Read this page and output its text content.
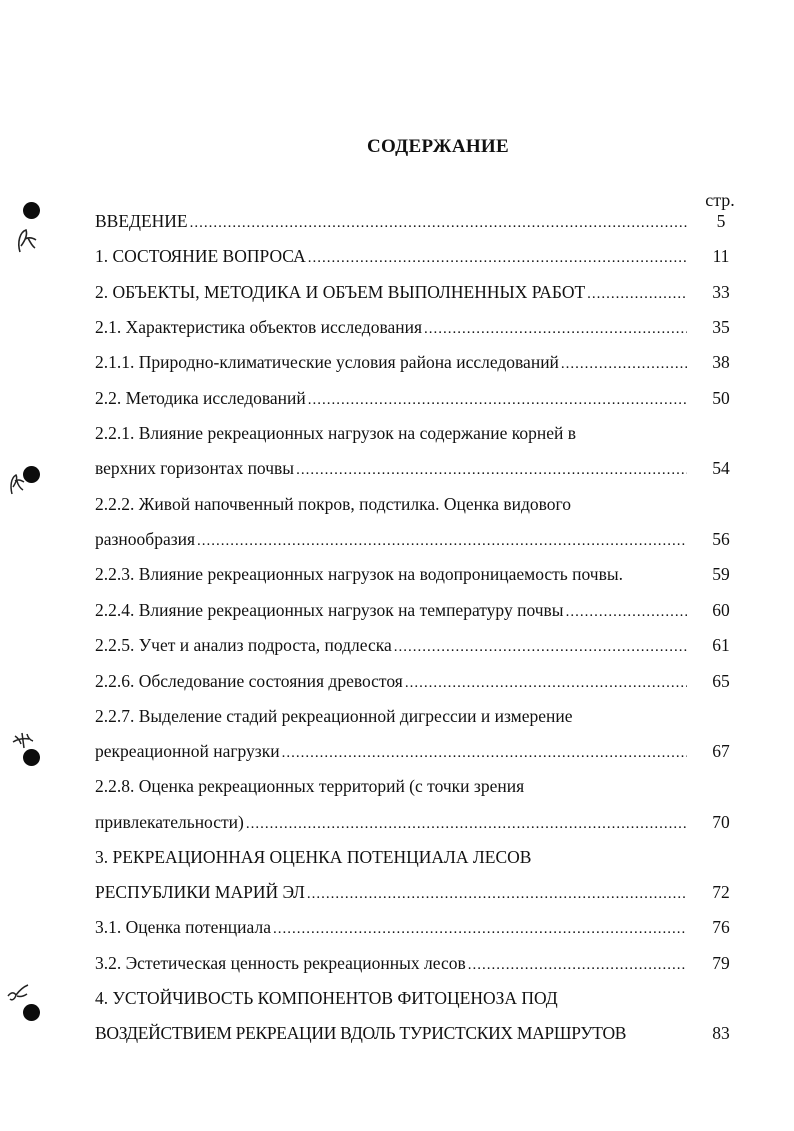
СОДЕРЖАНИЕ
стр.
ВВЕДЕНИЕ .....	5
1. СОСТОЯНИЕ ВОПРОСА .....	11
2. ОБЪЕКТЫ, МЕТОДИКА И ОБЪЕМ ВЫПОЛНЕННЫХ РАБОТ .....	33
2.1. Характеристика объектов исследования .....	35
2.1.1. Природно-климатические условия района исследований .....	38
2.2. Методика исследований .....	50
2.2.1. Влияние рекреационных нагрузок на содержание корней в
верхних горизонтах почвы .....	54
2.2.2. Живой напочвенный покров, подстилка. Оценка видового
разнообразия .....	56
2.2.3. Влияние рекреационных нагрузок на водопроницаемость почвы.	59
2.2.4. Влияние рекреационных нагрузок на температуру почвы .....	60
2.2.5. Учет и анализ подроста, подлеска .....	61
2.2.6. Обследование состояния древостоя .....	65
2.2.7. Выделение стадий рекреационной дигрессии и измерение
рекреационной нагрузки .....	67
2.2.8. Оценка рекреационных территорий (с точки зрения
привлекательности) .....	70
3. РЕКРЕАЦИОННАЯ ОЦЕНКА ПОТЕНЦИАЛА ЛЕСОВ
РЕСПУБЛИКИ МАРИЙ ЭЛ .....	72
3.1. Оценка потенциала .....	76
3.2. Эстетическая ценность рекреационных лесов .....	79
4. УСТОЙЧИВОСТЬ КОМПОНЕНТОВ ФИТОЦЕНОЗА ПОД
ВОЗДЕЙСТВИЕМ РЕКРЕАЦИИ ВДОЛЬ ТУРИСТСКИХ МАРШРУТОВ	83
